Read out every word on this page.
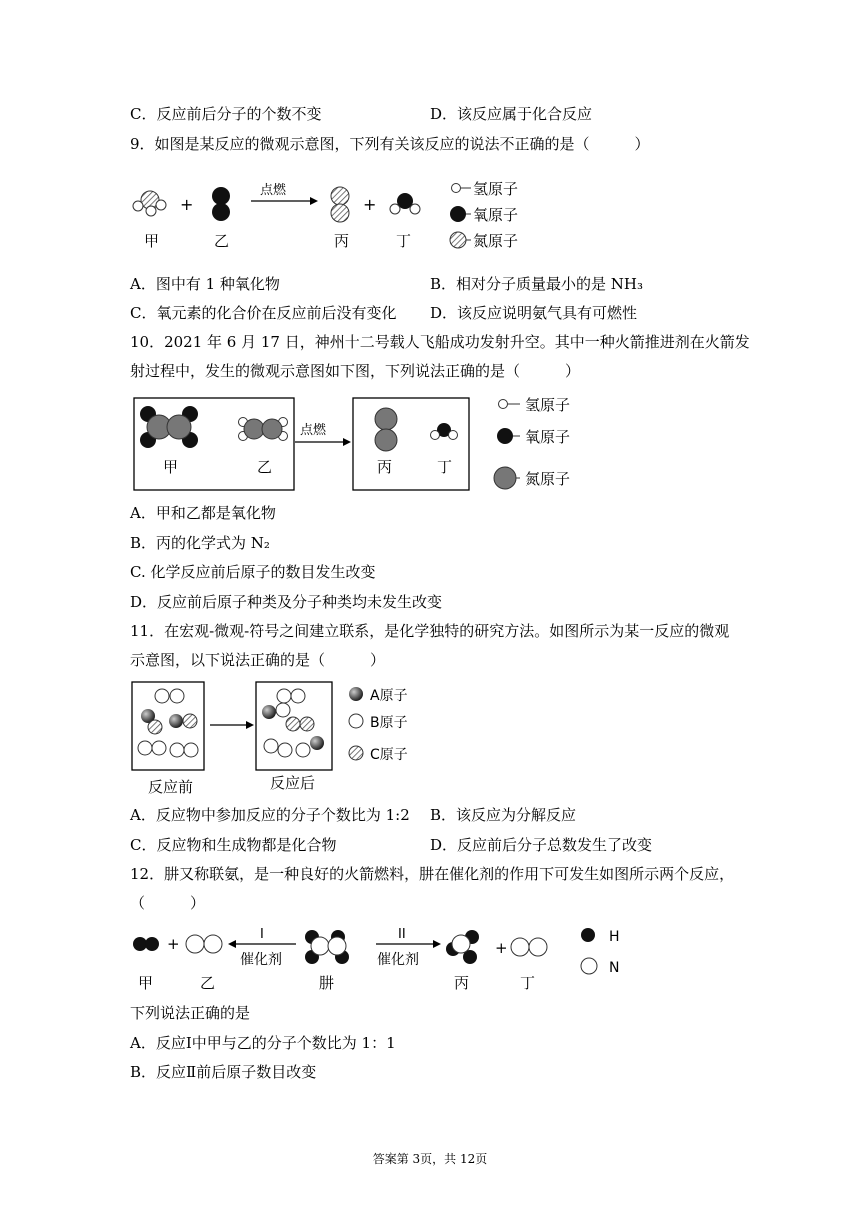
C．反应前后分子的个数不变	D．该反应属于化合反应
9．如图是某反应的微观示意图，下列有关该反应的说法不正确的是（　　　）
+
点燃
+
甲	乙	丙	丁
氢原子
氧原子
氮原子
A．图中有 1 种氧化物	B．相对分子质量最小的是 NH₃
C．氧元素的化合价在反应前后没有变化 D．该反应说明氨气具有可燃性
10．2021 年 6 月 17 日，神州十二号载人飞船成功发射升空。其中一种火箭推进剂在火箭发
射过程中，发生的微观示意图如下图，下列说法正确的是（　　　）
甲	乙
点燃
丙	丁
氢原子
氧原子
氮原子
A．甲和乙都是氧化物
B．丙的化学式为 N₂
C. 化学反应前后原子的数目发生改变
D．反应前后原子种类及分子种类均未发生改变
11．在宏观-微观-符号之间建立联系，是化学独特的研究方法。如图所示为某一反应的微观
示意图，以下说法正确的是（　　　）
反应前	反应后
A原子
B原子
C原子
A．反应物中参加反应的分子个数比为 1:2 B．该反应为分解反应
C．反应物和生成物都是化合物	D．反应前后分子总数发生了改变
12．肼又称联氨，是一种良好的火箭燃料，肼在催化剂的作用下可发生如图所示两个反应，
（　　　）
+
I
催化剂
II
催化剂
+
甲	乙	肼	丙	丁
H
N
下列说法正确的是
A．反应Ⅰ中甲与乙的分子个数比为 1：1
B．反应Ⅱ前后原子数目改变
答案第 3页，共 12页
